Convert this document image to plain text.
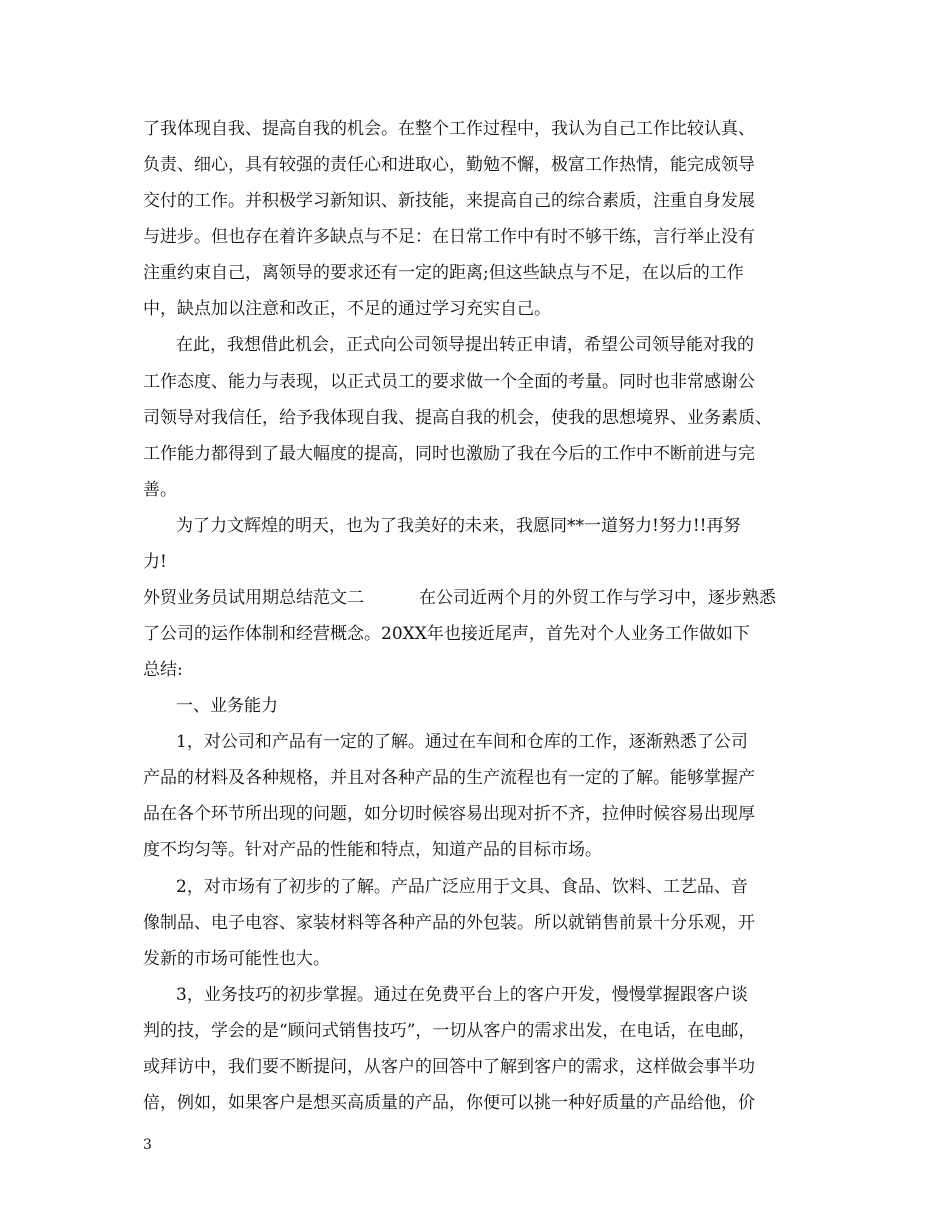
了我体现自我、提高自我的机会。在整个工作过程中，我认为自己工作比较认真、

负责、细心，具有较强的责任心和进取心，勤勉不懈，极富工作热情，能完成领导

交付的工作。并积极学习新知识、新技能，来提高自己的综合素质，注重自身发展

与进步。但也存在着许多缺点与不足：在日常工作中有时不够干练，言行举止没有

注重约束自己，离领导的要求还有一定的距离;但这些缺点与不足，在以后的工作

中，缺点加以注意和改正，不足的通过学习充实自己。

在此，我想借此机会，正式向公司领导提出转正申请，希望公司领导能对我的

工作态度、能力与表现，以正式员工的要求做一个全面的考量。同时也非常感谢公

司领导对我信任，给予我体现自我、提高自我的机会，使我的思想境界、业务素质、

工作能力都得到了最大幅度的提高，同时也激励了我在今后的工作中不断前进与完

善。

为了力文辉煌的明天，也为了我美好的未来，我愿同**一道努力!努力!!再努

力!

外贸业务员试用期总结范文二	在公司近两个月的外贸工作与学习中，逐步熟悉

了公司的运作体制和经营概念。20XX年也接近尾声，首先对个人业务工作做如下

总结:

一、业务能力

1，对公司和产品有一定的了解。通过在车间和仓库的工作，逐渐熟悉了公司

产品的材料及各种规格，并且对各种产品的生产流程也有一定的了解。能够掌握产

品在各个环节所出现的问题，如分切时候容易出现对折不齐，拉伸时候容易出现厚

度不均匀等。针对产品的性能和特点，知道产品的目标市场。

2，对市场有了初步的了解。产品广泛应用于文具、食品、饮料、工艺品、音

像制品、电子电容、家装材料等各种产品的外包装。所以就销售前景十分乐观，开

发新的市场可能性也大。

3，业务技巧的初步掌握。通过在免费平台上的客户开发，慢慢掌握跟客户谈

判的技，学会的是“顾问式销售技巧”，一切从客户的需求出发，在电话，在电邮，

或拜访中，我们要不断提问，从客户的回答中了解到客户的需求，这样做会事半功

倍，例如，如果客户是想买高质量的产品，你便可以挑一种好质量的产品给他，价

3
